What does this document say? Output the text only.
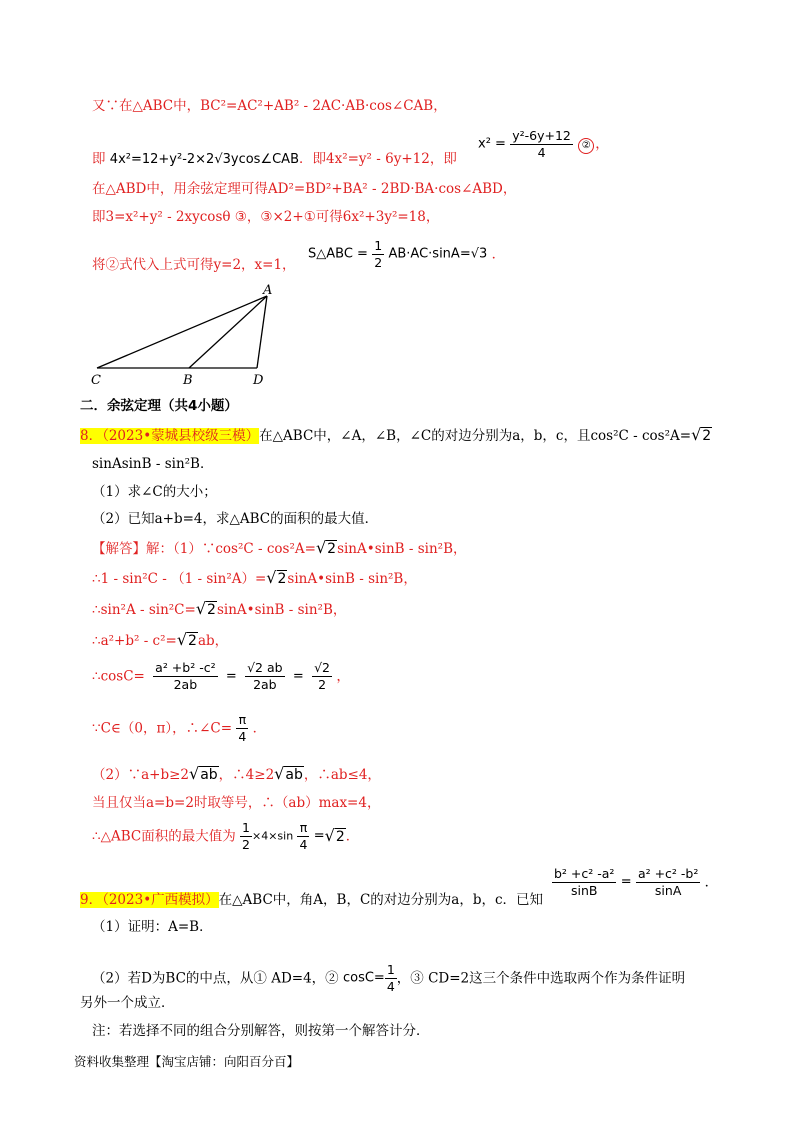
又∵在△ABC中，BC²=AC²+AB² - 2AC·AB·cos∠CAB，
即 4x²=12+y²-2×2√3ycos∠CAB．即4x²=y² - 6y+12，即
$x^2 = \frac{\text{y²-6y+12}}{4}$ ② ，
在△ABD中，用余弦定理可得AD²=BD²+BA² - 2BD·BA·cos∠ABD，
即3=x²+y² - 2xycosθ ③，③×2+①可得6x²+3y²=18，
将②式代入上式可得y=2，x=1，
S△ABC = $\frac{1}{2} AB\cdot AC\cdot\sin A=√3$ ．
A
C	B	D
二．余弦定理（共4小题）
8．（2023•蒙城县校级三模）在△ABC中，∠A，∠B，∠C的对边分别为a，b，c，且cos²C - cos²A=√2
sinAsinB - sin²B．
（1）求∠C的大小；
（2）已知a+b=4，求△ABC的面积的最大值．
【解答】解：（1）∵cos²C - cos²A=√2sinA•sinB - sin²B，
∴1 - sin²C - （1 - sin²A）=√2sinA•sinB - sin²B，
∴sin²A - sin²C=√2sinA•sinB - sin²B，
∴a²+b² - c²=√2ab，
∴cosC= $\frac{\text{a² +b² -c²}}{2ab} = \frac{√2 ab}{2ab} = \frac{√2}{2}$ ，
∵C∈（0，π），∴∠C= $\frac{\pi}{4}$ ．
（2）∵a+b≥2√ab，∴4≥2√ab，∴ab≤4，
当且仅当a=b=2时取等号，∴（ab）max=4，
∴△ABC面积的最大值为 $\frac{1}{2} \times 4\times\sin \frac{\pi}{4} =√2$．
9．（2023•广西模拟）在△ABC中，角A，B，C的对边分别为a，b，c．已知
$\frac{\text{b² +c² -a²}}{\sin B} = \frac{\text{a² +c² -b²}}{\sin A}$ ．
（1）证明：A=B．
（2）若D为BC的中点，从① AD=4，② $\cos C= \frac{1}{4}$ ，③ CD=2这三个条件中选取两个作为条件证明
另外一个成立．
注：若选择不同的组合分别解答，则按第一个解答计分．
资料收集整理【淘宝店铺：向阳百分百】
